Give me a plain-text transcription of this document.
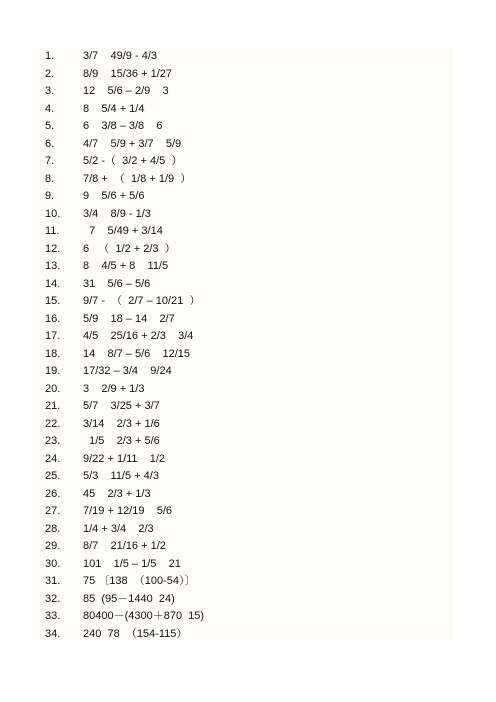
1.	3/7    49/9 - 4/3
2.	8/9    15/36 + 1/27
3.	12    5/6 – 2/9    3
4.	8    5/4 + 1/4
5.	6    3/8 – 3/8    6
6.	4/7    5/9 + 3/7    5/9
7.	5/2 -（  3/2 + 4/5  ）
8.	7/8 +  （  1/8 + 1/9  ）
9.	9    5/6 + 5/6
10. 3/4    8/9 - 1/3
11.  7    5/49 + 3/14
12. 6   （  1/2 + 2/3  ）
13. 8    4/5 + 8    11/5
14. 31    5/6 – 5/6
15. 9/7 -  （  2/7 – 10/21  ）
16. 5/9    18 – 14    2/7
17. 4/5    25/16 + 2/3    3/4
18. 14    8/7 – 5/6    12/15
19. 17/32 – 3/4    9/24
20. 3    2/9 + 1/3
21. 5/7    3/25 + 3/7
22. 3/14    2/3 + 1/6
23.  1/5    2/3 + 5/6
24. 9/22 + 1/11    1/2
25. 5/3    11/5 + 4/3
26. 45    2/3 + 1/3
27. 7/19 + 12/19    5/6
28. 1/4 + 3/4    2/3
29. 8/7    21/16 + 1/2
30. 101    1/5 – 1/5    21
31. 75 〔138  （100-54）〕
32. 85  (95－1440  24)
33. 80400－(4300＋870  15)
34. 240  78  （154-115）
